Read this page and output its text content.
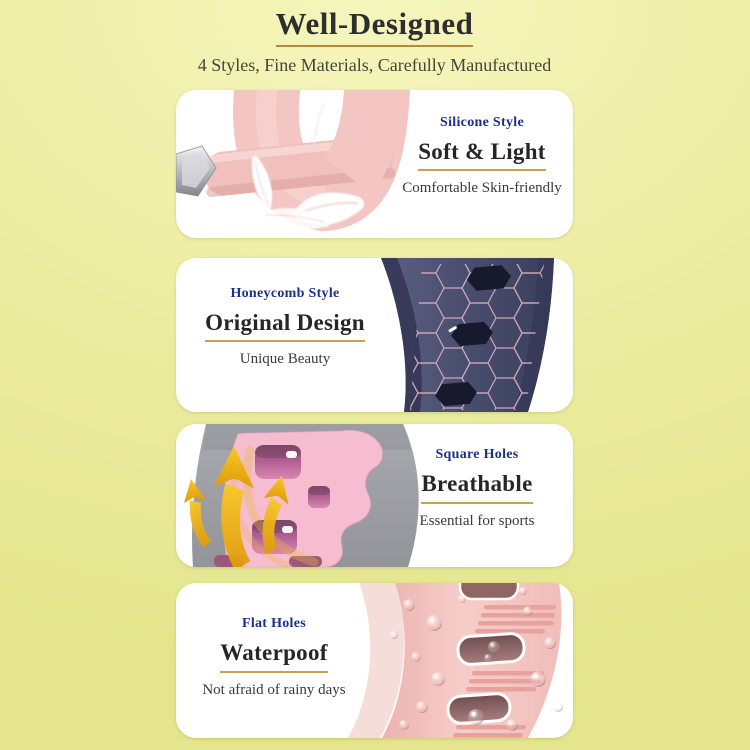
Well-Designed
4 Styles, Fine Materials, Carefully Manufactured
Silicone Style
Soft & Light
Comfortable Skin-friendly
Honeycomb Style
Original Design
Unique Beauty
Square Holes
Breathable
Essential for sports
Flat Holes
Waterpoof
Not afraid of rainy days
